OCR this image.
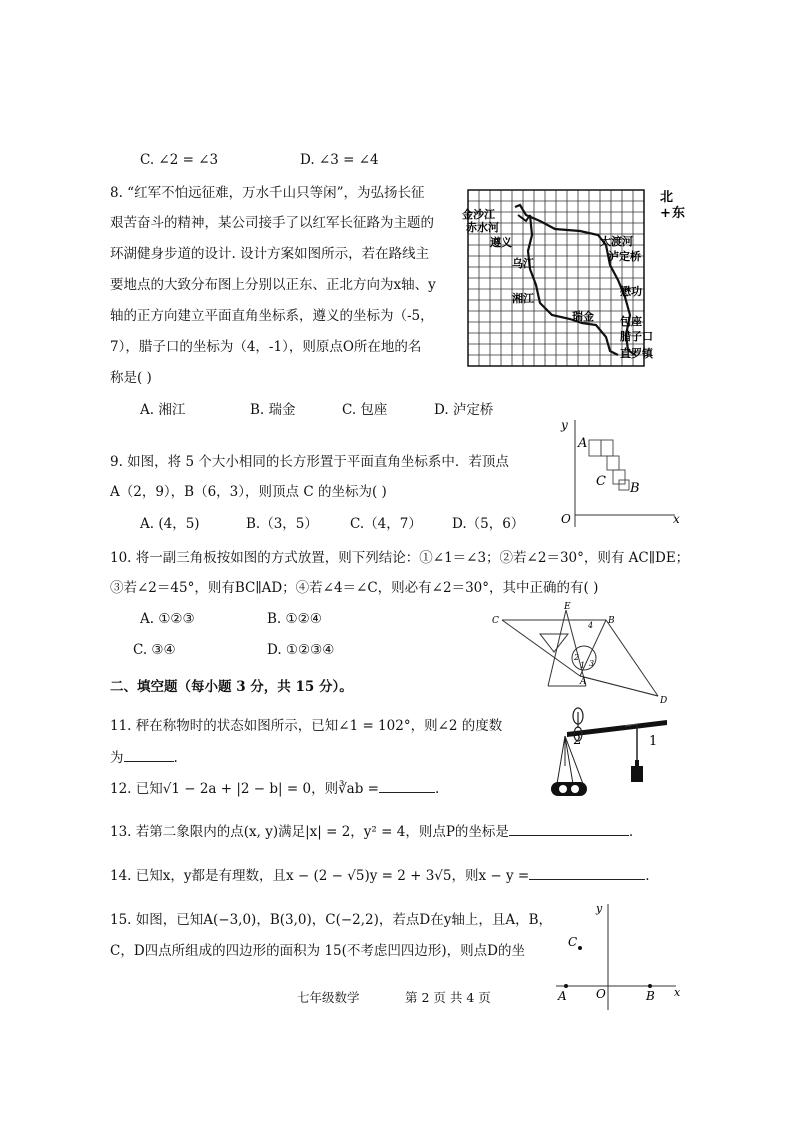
C. ∠2 = ∠3	D. ∠3 = ∠4
8. “红军不怕远征难，万水千山只等闲”，为弘扬长征
艰苦奋斗的精神，某公司接手了以红军长征路为主题的
环湖健身步道的设计. 设计方案如图所示，若在路线主
要地点的大致分布图上分别以正东、正北方向为x轴、y
轴的正方向建立平面直角坐标系，遵义的坐标为（-5，
7），腊子口的坐标为（4，-1），则原点O所在地的名
称是( )
A. 湘江	B. 瑞金	C. 包座	D. 泸定桥
北
+ 东
金沙江
赤水河
遵义
乌江
湘江
瑞金
大渡河
泸定桥
懋功
包座
腊子口
直罗镇
9. 如图，将 5 个大小相同的长方形置于平面直角坐标系中．若顶点
A（2，9），B（6，3），则顶点 C 的坐标为( )
A. (4，5)	B.（3，5） C.（4，7） D.（5，6）
y
x
O
A
C B
10. 将一副三角板按如图的方式放置，则下列结论：①∠1＝∠3；②若∠2＝30°，则有 AC∥DE；
③若∠2＝45°，则有BC∥AD；④若∠4＝∠C，则必有∠2＝30°，其中正确的有( )
A. ①②③	B. ①②④
C. ③④	D. ①②③④
C
E
B
A
D
1
2
3
4
二、填空题（每小题 3 分，共 15 分）。
11. 秤在称物时的状态如图所示，已知∠1 = 102°，则∠2 的度数
为	.
1
2
12. 已知√1 − 2a + |2 − b| = 0，则∛ab =	.
13. 若第二象限内的点(x, y)满足|x| = 2，y² = 4，则点P的坐标是	.
14. 已知x，y都是有理数，且x − (2 − √5)y = 2 + 3√5，则x − y =	.
15. 如图，已知A(−3,0)，B(3,0)，C(−2,2)，若点D在y轴上，且A，B，
C，D四点所组成的四边形的面积为 15(不考虑凹四边形)，则点D的坐
y
x
O
A	B
C
七年级数学	第 2 页 共 4 页
